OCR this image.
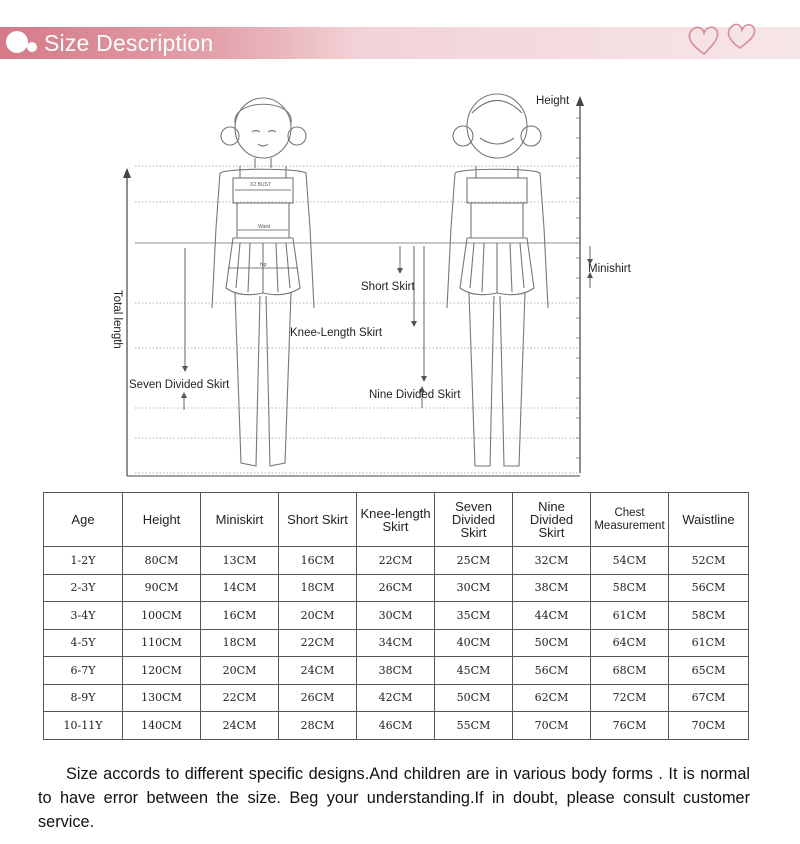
Size Description
Total length
Height
X2 BUST
Waist
hip
Short Skirt
Knee-Length Skirt
Seven Divided Skirt
Nine Divided Skirt
Minishirt
Age	Height	Miniskirt	Short Skirt	Knee-length Skirt	Seven Divided Skirt	Nine Divided Skirt	Chest Measurement	Waistline
1-2Y	80CM	13CM	16CM	22CM	25CM	32CM	54CM	52CM
2-3Y	90CM	14CM	18CM	26CM	30CM	38CM	58CM	56CM
3-4Y	100CM	16CM	20CM	30CM	35CM	44CM	61CM	58CM
4-5Y	110CM	18CM	22CM	34CM	40CM	50CM	64CM	61CM
6-7Y	120CM	20CM	24CM	38CM	45CM	56CM	68CM	65CM
8-9Y	130CM	22CM	26CM	42CM	50CM	62CM	72CM	67CM
10-11Y	140CM	24CM	28CM	46CM	55CM	70CM	76CM	70CM
Size accords to different specific designs.And children are in various body forms . It is normal to have error between the size. Beg your understanding.If in doubt, please consult customer service.
